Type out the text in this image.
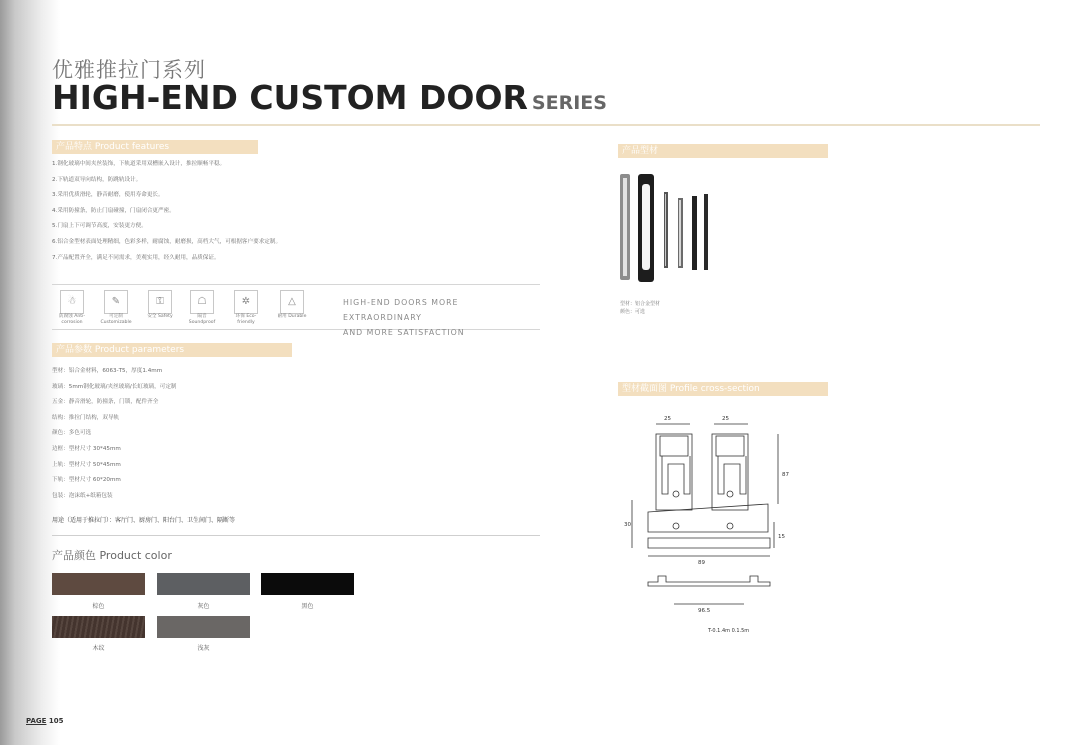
优雅推拉门系列
HIGH-END CUSTOM DOOR SERIES
产品特点 Product features
1.钢化玻璃中间夹丝装饰，下轨道采用双槽嵌入设计，推拉顺畅平稳。
2.下轨道双导向结构，防跳轨设计。
3.采用优质滑轮，静音耐磨，使用寿命更长。
4.采用防撞条，防止门扇碰撞，门扇闭合更严密。
5.门扇上下可调节高度，安装更方便。
6.铝合金型材表面处理精细，色彩多样，耐腐蚀，耐磨损，高档大气，可根据客户要求定制。
7.产品配置齐全，满足不同需求，美观实用，经久耐用，品质保证。
☃
防腐蚀 Anti-corrosion
✎
可定制 Customizable
⚿
安全 Safety
☖
隔音 Soundproof
✲
环保 Eco-friendly
△
耐用 Durable
HIGH-END DOORS MORE EXTRAORDINARY
AND MORE SATISFACTION
产品参数 Product parameters
型材：铝合金材料，6063-T5，厚度1.4mm
玻璃：5mm钢化玻璃/夹丝玻璃/长虹玻璃，可定制
五金：静音滑轮，防撞条，门锁，配件齐全
结构：推拉门结构，双导轨
颜色：多色可选
边框：型材尺寸 30*45mm
上轨：型材尺寸 50*45mm
下轨：型材尺寸 60*20mm
包装：泡沫纸+纸箱包装
用途（适用于推拉门）：客厅门、厨房门、阳台门、卫生间门、隔断等
产品颜色 Product color
棕色	灰色	黑色
木纹	浅灰
产品型材
型材：铝合金型材
颜色：可选
型材截面图 Profile cross-section
25	25
87
30
15
89
96.5
T-0.1.4m 0.1.5m
PAGE 105
